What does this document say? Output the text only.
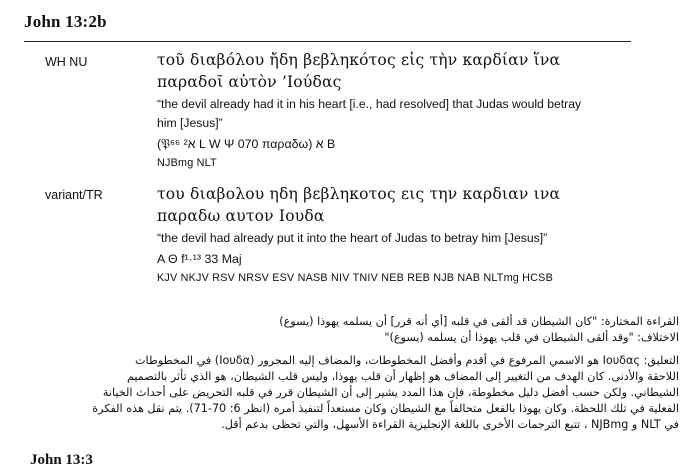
John 13:2b
WH NU	τοῦ διαβόλου ἤδη βεβληκότος εἰς τὴν καρδίαν ἵνα
παραδοῖ αὐτὸν ’Ιούδας
“the devil already had it in his heart [i.e., had resolved] that Judas would betray
him [Jesus]”
(𝔓⁶⁶ א² L W Ψ 070 παραδω) א B
NJBmg NLT
variant/TR	του διαβολου ηδη βεβληκοτος εις την καρδιαν ινα
παραδω αυτον Ιουδα
“the devil had already put it into the heart of Judas to betray him [Jesus]”
A Θ f¹·¹³ 33 Maj
KJV NKJV RSV NRSV ESV NASB NIV TNIV NEB REB NJB NAB NLTmg HCSB
القراءة المختارة: "كان الشيطان قد ألقى في قلبه [أي أنه قرر] أن يسلمه يهوذا (يسوع)
الاختلاف: "وقد ألقى الشيطان في قلب يهوذا أن يسلمه (يسوع)"
التعليق: Ιουδας هو الاسمي المرفوع في أقدم وأفضل المخطوطات، والمضاف إليه المجرور (Ιουδα) في المخطوطات
اللاحقة والأدنى. كان الهدف من التغيير إلى المضاف هو إظهار أن قلب يهوذا، وليس قلب الشيطان، هو الذي تأثر بالتصميم
الشيطاني. ولكن حسب أفضل دليل مخطوطة، فإن هذا المدد يشير إلى أن الشيطان قرر في قلبه التحريض على أحداث الخيانة
الفعلية في تلك اللحظة. وكان يهوذا بالفعل متحالفاً مع الشيطان وكان مستعداً لتنفيذ أمره (انظر 6: 70-71). يتم نقل هذه الفكرة
في NLT و NJBmg ، تتبع الترجمات الأخرى باللغة الإنجليزية القراءة الأسهل، والتي تحظى بدعم أقل.
John 13:3
